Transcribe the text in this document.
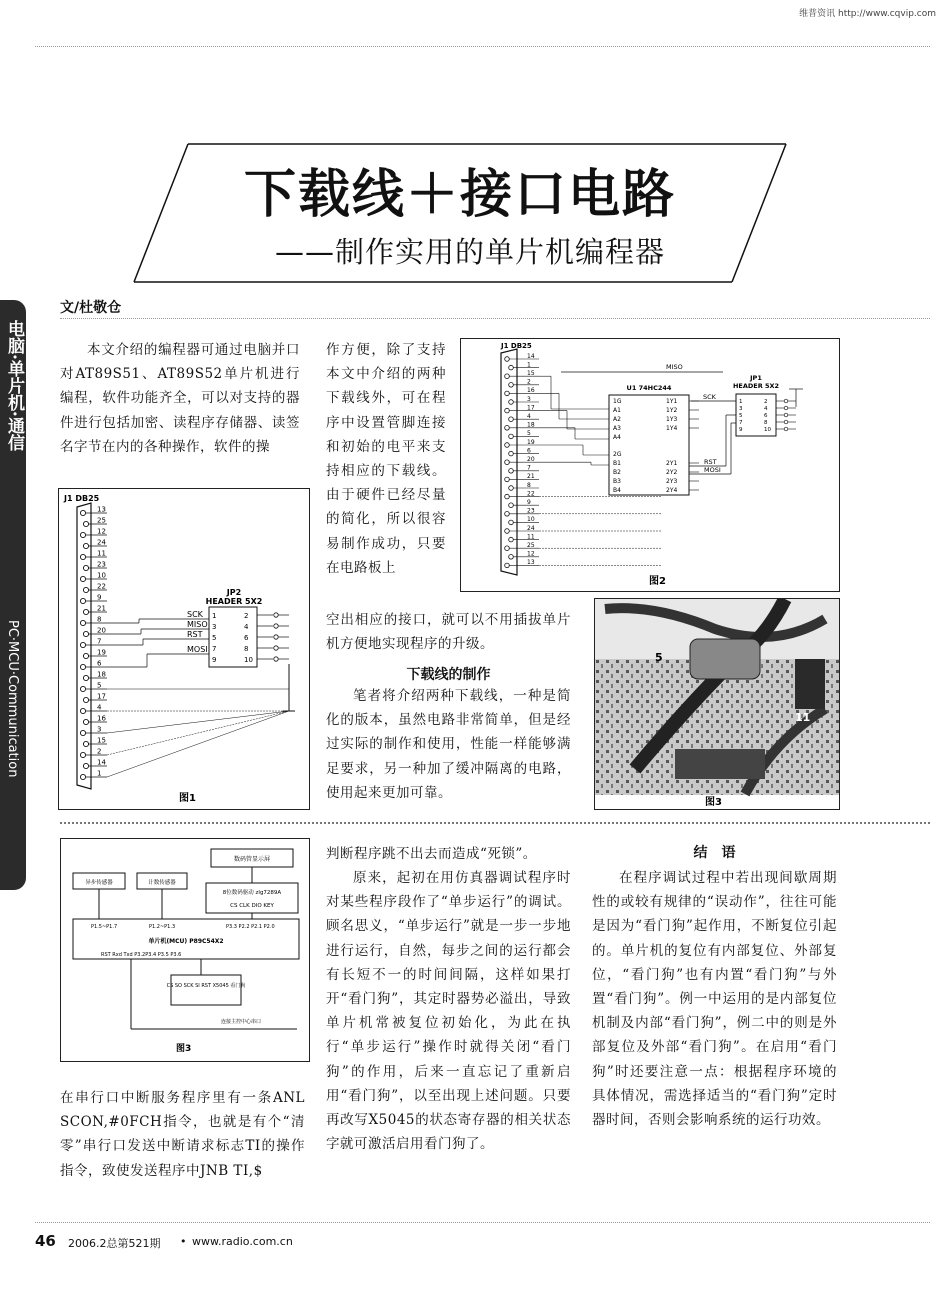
维普资讯 http://www.cqvip.com
电脑·单片机·通信
PC·MCU·Communication
下载线＋接口电路
——制作实用的单片机编程器
文/杜敬仓
本文介绍的编程器可通过电脑并口对AT89S51、AT89S52单片机进行编程，软件功能齐全，可以对支持的器件进行包括加密、读程序存储器、读签名字节在内的各种操作，软件的操
J1 DB25
13
25
12
24
11
23
10
22
9
21
8
20
7
19
6
18
5
17
4
16
3
15
2
14
1
SCK
MISO
RST
MOSI
JP2
HEADER 5X2
1
3
5
7
9
2
4
6
8
10
图1
作方便，除了支持本文中介绍的两种下载线外，可在程序中设置管脚连接和初始的电平来支持相应的下载线。由于硬件已经尽量的简化，所以很容易制作成功，只要在电路板上
空出相应的接口，就可以不用插拔单片机方便地实现程序的升级。
下载线的制作
笔者将介绍两种下载线，一种是简化的版本，虽然电路非常简单，但是经过实际的制作和使用，性能一样能够满足要求，另一种加了缓冲隔离的电路，使用起来更加可靠。
J1 DB25
14
1
15
2
16
3
17
4
18
5
19
6
20
7
21
8
22
9
23
10
24
11
25
12
13
U1 74HC244
1G
A1
A2
A3
A4
2G
B1
B2
B3
B4
1Y1
1Y2
1Y3
1Y4
2Y1
2Y2
2Y3
2Y4
1
3
5
7
9
2
4
6
8
10
MISO
JP1
HEADER 5X2
SCK
RST
MOSI
图2
5
11
图3
数码管显示屏
8位数码驱动 zlg7289A
CS CLK DIO KEY
异步传感器	计数传感器
P1.5~P1.7	P1.2~P1.3	P3.3 P2.2 P2.1 P2.0
单片机(MCU) P89C54X2
RST Rxd Txd P3.2P3.4 P3.5 P3.6
CS SO SCK SI RST X5045 看门狗
连接主控中心串口
图3
在串行口中断服务程序里有一条ANL SCON,#0FCH指令，也就是有个“清零”串行口发送中断请求标志TI的操作指令，致使发送程序中JNB TI,$
判断程序跳不出去而造成“死锁”。
原来，起初在用仿真器调试程序时对某些程序段作了“单步运行”的调试。顾名思义，“单步运行”就是一步一步地进行运行，自然，每步之间的运行都会有长短不一的时间间隔，这样如果打开“看门狗”，其定时器势必溢出，导致单片机常被复位初始化，为此在执行“单步运行”操作时就得关闭“看门狗”的作用，后来一直忘记了重新启用“看门狗”，以至出现上述问题。只要再改写X5045的状态寄存器的相关状态字就可激活启用看门狗了。
结　语
在程序调试过程中若出现间歇周期性的或较有规律的“误动作”，往往可能是因为“看门狗”起作用，不断复位引起的。单片机的复位有内部复位、外部复位，“看门狗”也有内置“看门狗”与外置“看门狗”。例一中运用的是内部复位机制及内部“看门狗”，例二中的则是外部复位及外部“看门狗”。在启用“看门狗”时还要注意一点：根据程序环境的具体情况，需选择适当的“看门狗”定时器时间，否则会影响系统的运行功效。
46 2006.2总第521期 • www.radio.com.cn
